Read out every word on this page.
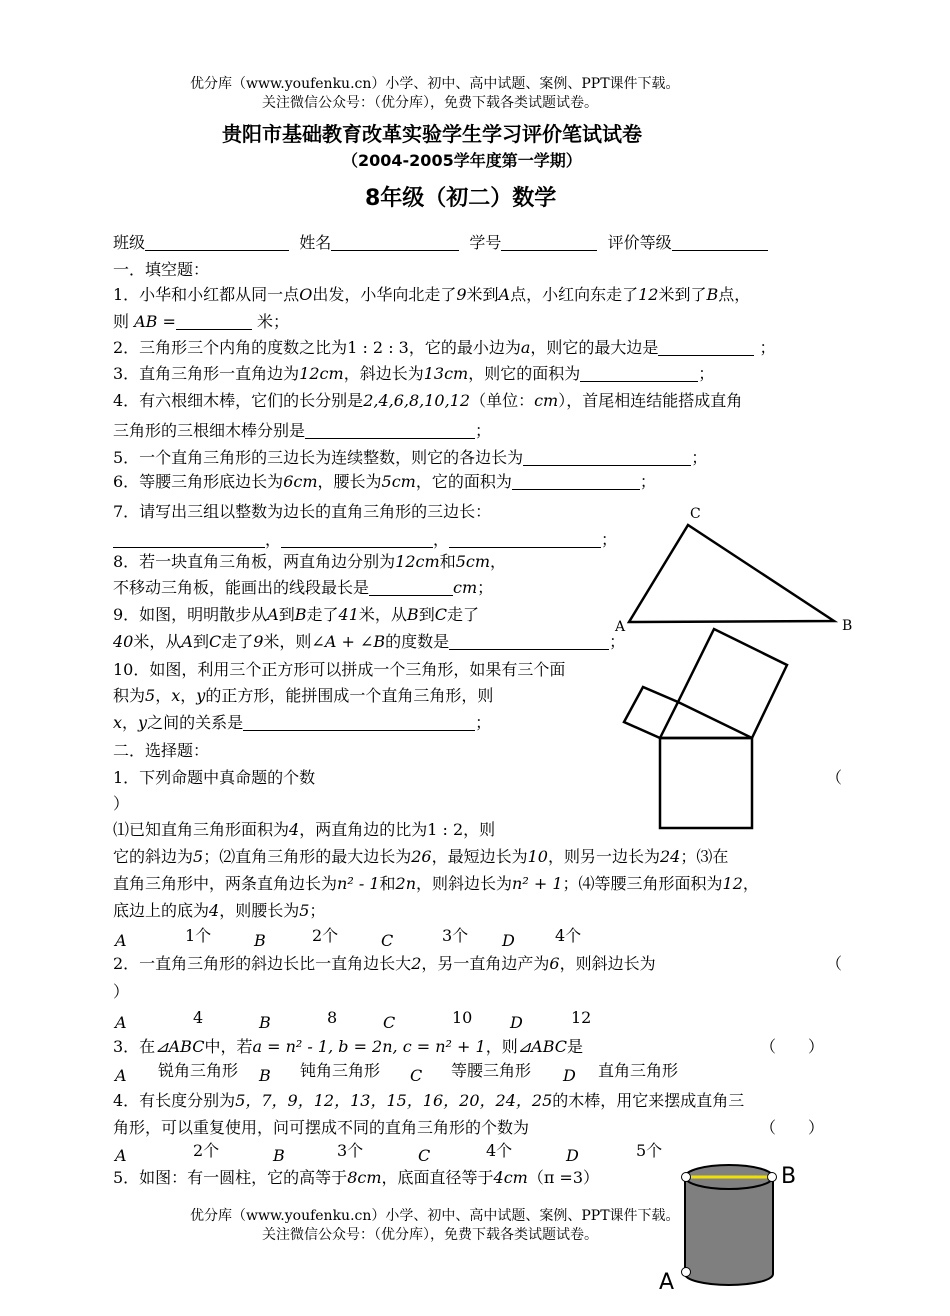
优分库（www.youfenku.cn）小学、初中、高中试题、案例、PPT课件下载。
关注微信公众号：（优分库），免费下载各类试题试卷。
贵阳市基础教育改革实验学生学习评价笔试试卷
（2004-2005学年度第一学期）
8年级（初二）数学
班级	姓名	学号	评价等级
一．填空题：
1．小华和小红都从同一点O出发，小华向北走了9米到A点，小红向东走了12米到了B点，
则 AB =	米；
2．三角形三个内角的度数之比为1 : 2 : 3，它的最小边为a，则它的最大边是	；
3．直角三角形一直角边为12cm，斜边长为13cm，则它的面积为	；
4．有六根细木棒，它们的长分别是2,4,6,8,10,12（单位：cm），首尾相连结能搭成直角
三角形的三根细木棒分别是	；
5．一个直角三角形的三边长为连续整数，则它的各边长为	；
6．等腰三角形底边长为6cm，腰长为5cm，它的面积为	；
7．请写出三组以整数为边长的直角三角形的三边长：
，	，	；
8．若一块直角三角板，两直角边分别为12cm和5cm，
不移动三角板，能画出的线段最长是	cm；
9．如图，明明散步从A到B走了41米，从B到C走了
40米，从A到C走了9米，则∠A + ∠B的度数是	；
10．如图，利用三个正方形可以拼成一个三角形，如果有三个面
积为5，x，y的正方形，能拼围成一个直角三角形，则
x，y之间的关系是	；
二．选择题：
1．下列命题中真命题的个数	（
）
⑴已知直角三角形面积为4，两直角边的比为1 : 2，则
它的斜边为5；⑵直角三角形的最大边长为26，最短边长为10，则另一边长为24；⑶在
直角三角形中，两条直角边长为n² - 1和2n，则斜边长为n² + 1；⑷等腰三角形面积为12，
底边上的底为4，则腰长为5；
A	1个	B	2个	C	3个 D	4个
2．一直角三角形的斜边长比一直角边长大2，另一直角边产为6，则斜边长为	（
）
A	4	B	8	C	10 D	12
3．在⊿ABC中，若a = n² - 1, b = 2n, c = n² + 1，则⊿ABC是	（　　）
A 锐角三角形 B 钝角三角形 C 等腰三角形 D 直角三角形
4．有长度分别为5，7，9，12，13，15，16，20，24，25的木棒，用它来摆成直角三
角形，可以重复使用，问可摆成不同的直角三角形的个数为	（　　）
A	2个	B	3个	C	4个	D	5个
5．如图：有一圆柱，它的高等于8cm，底面直径等于4cm（π =3）
优分库（www.youfenku.cn）小学、初中、高中试题、案例、PPT课件下载。
关注微信公众号：（优分库），免费下载各类试题试卷。
C
A	B
B
A
